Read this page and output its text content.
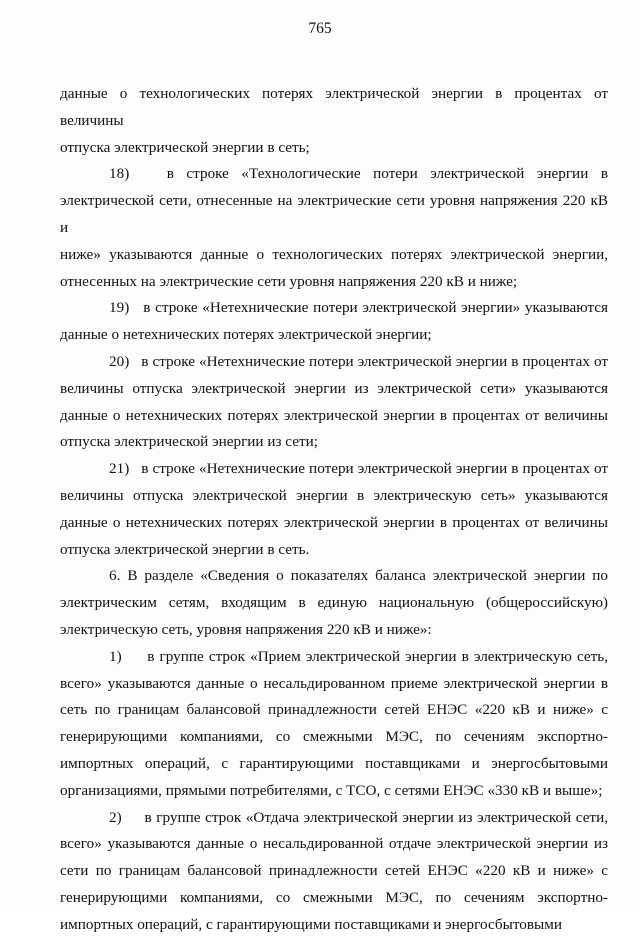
765

данные о технологических потерях электрической энергии в процентах от величины

отпуска электрической энергии в сеть;

18)   в строке «Технологические потери электрической энергии в

электрической сети, отнесенные на электрические сети уровня напряжения 220 кВ и

ниже» указываются данные о технологических потерях электрической энергии,

отнесенных на электрические сети уровня напряжения 220 кВ и ниже;

19)   в строке «Нетехнические потери электрической энергии» указываются

данные о нетехнических потерях электрической энергии;

20)   в строке «Нетехнические потери электрической энергии в процентах от

величины отпуска электрической энергии из электрической сети» указываются

данные о нетехнических потерях электрической энергии в процентах от величины

отпуска электрической энергии из сети;

21)   в строке «Нетехнические потери электрической энергии в процентах от

величины отпуска электрической энергии в электрическую сеть» указываются

данные о нетехнических потерях электрической энергии в процентах от величины

отпуска электрической энергии в сеть.

6. В разделе «Сведения о показателях баланса электрической энергии по

электрическим сетям, входящим в единую национальную (общероссийскую)

электрическую сеть, уровня напряжения 220 кВ и ниже»:

1)     в группе строк «Прием электрической энергии в электрическую сеть,

всего» указываются данные о несальдированном приеме электрической энергии в

сеть по границам балансовой принадлежности сетей ЕНЭС «220 кВ и ниже» с

генерирующими компаниями, со смежными МЭС, по сечениям экспортно-

импортных операций, с гарантирующими поставщиками и энергосбытовыми

организациями, прямыми потребителями, с ТСО, с сетями ЕНЭС «330 кВ и выше»;

2)     в группе строк «Отдача электрической энергии из электрической сети,

всего» указываются данные о несальдированной отдаче электрической энергии из

сети по границам балансовой принадлежности сетей ЕНЭС «220 кВ и ниже» с

генерирующими компаниями, со смежными МЭС, по сечениям экспортно-

импортных операций, с гарантирующими поставщиками и энергосбытовыми
